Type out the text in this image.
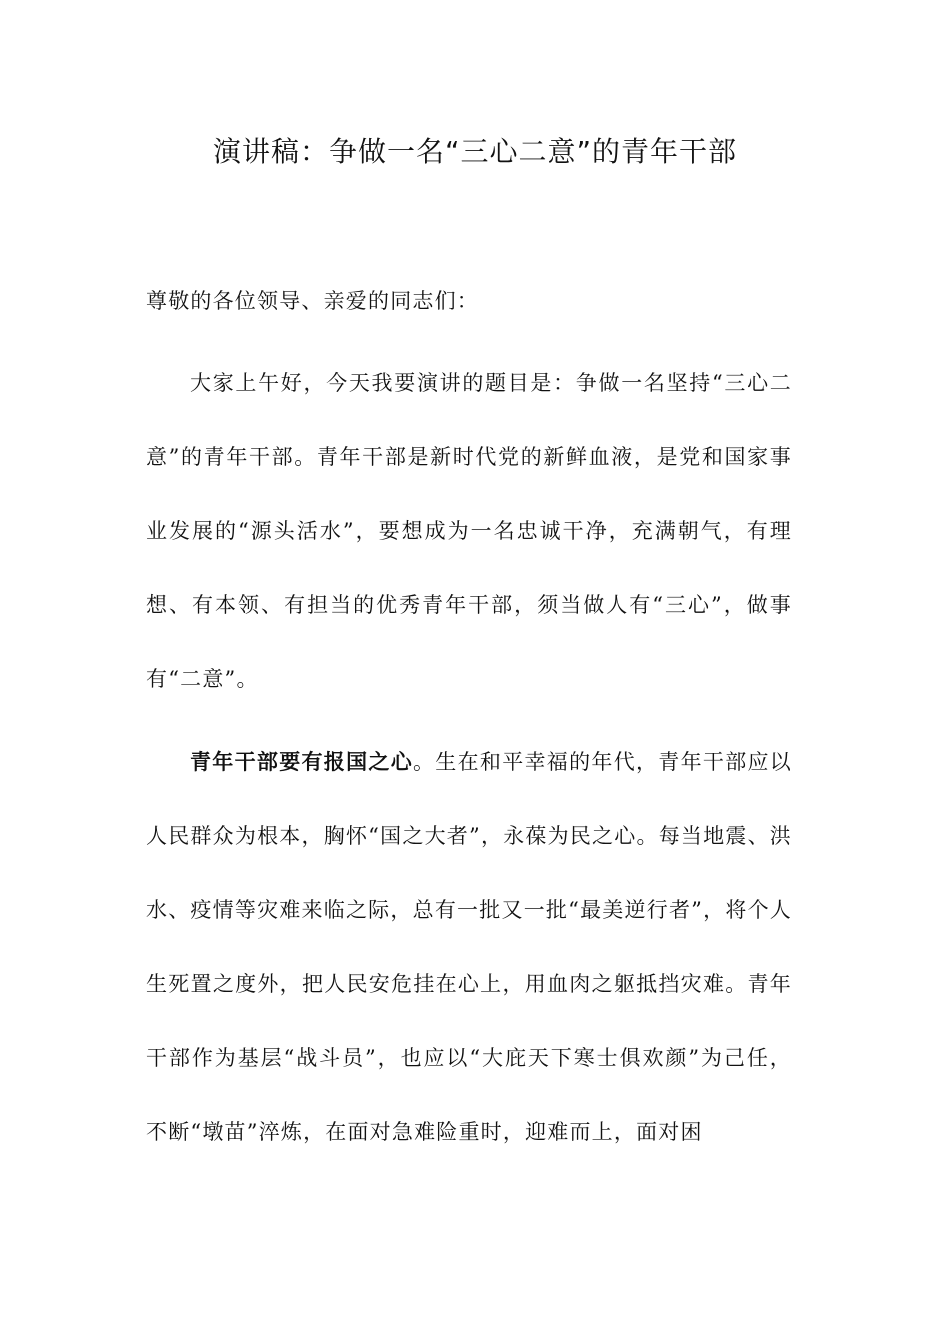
演讲稿：争做一名“三心二意”的青年干部

尊敬的各位领导、亲爱的同志们：

大家上午好，今天我要演讲的题目是：争做一名坚持“三心二意”的青年干部。青年干部是新时代党的新鲜血液，是党和国家事业发展的“源头活水”，要想成为一名忠诚干净，充满朝气，有理想、有本领、有担当的优秀青年干部，须当做人有“三心”，做事有“二意”。

青年干部要有报国之心。生在和平幸福的年代，青年干部应以人民群众为根本，胸怀“国之大者”，永葆为民之心。每当地震、洪水、疫情等灾难来临之际，总有一批又一批“最美逆行者”，将个人生死置之度外，把人民安危挂在心上，用血肉之躯抵挡灾难。青年干部作为基层“战斗员”，也应以“大庇天下寒士俱欢颜”为己任，不断“墩苗”淬炼，在面对急难险重时，迎难而上，面对困
